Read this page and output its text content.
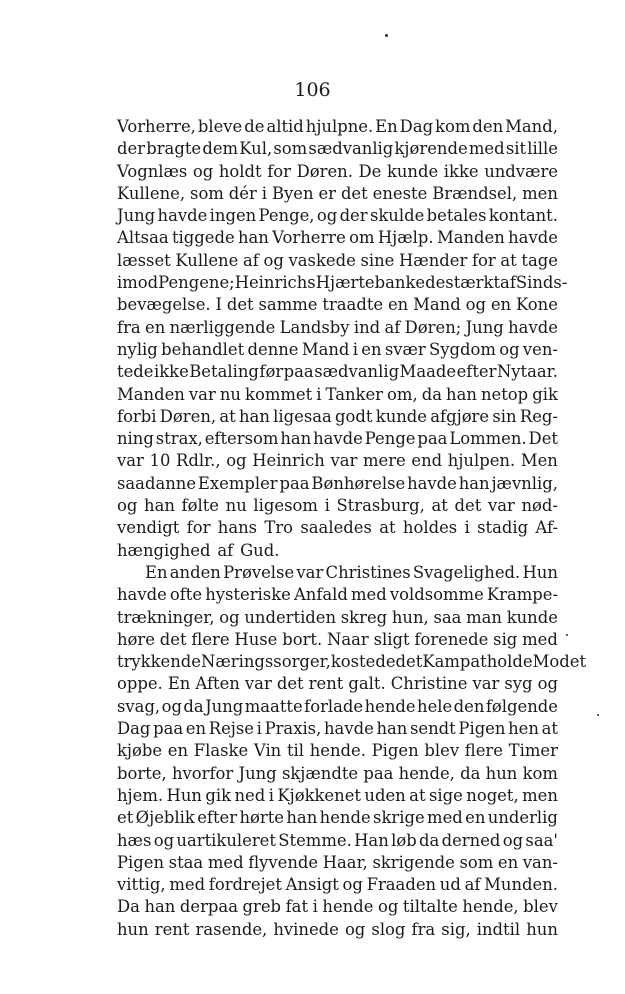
106
Vorherre, bleve de altid hjulpne. En Dag kom den Mand,
der bragte dem Kul, som sædvanlig kjørende med sit lille
Vognlæs og holdt for Døren. De kunde ikke undvære
Kullene, som dér i Byen er det eneste Brændsel, men
Jung havde ingen Penge, og der skulde betales kontant.
Altsaa tiggede han Vorherre om Hjælp. Manden havde
læsset Kullene af og vaskede sine Hænder for at tage
imod Pengene; Heinrichs Hjærte bankede stærkt af Sinds-
bevægelse. I det samme traadte en Mand og en Kone
fra en nærliggende Landsby ind af Døren; Jung havde
nylig behandlet denne Mand i en svær Sygdom og ven-
tede ikke Betaling før paa sædvanlig Maade efter Nytaar.
Manden var nu kommet i Tanker om, da han netop gik
forbi Døren, at han ligesaa godt kunde afgjøre sin Reg-
ning strax, eftersom han havde Penge paa Lommen. Det
var 10 Rdlr., og Heinrich var mere end hjulpen. Men
saadanne Exempler paa Bønhørelse havde han jævnlig,
og han følte nu ligesom i Strasburg, at det var nød-
vendigt for hans Tro saaledes at holdes i stadig Af-
hængighed af Gud.
En anden Prøvelse var Christines Svagelighed. Hun
havde ofte hysteriske Anfald med voldsomme Krampe-
trækninger, og undertiden skreg hun, saa man kunde
høre det flere Huse bort. Naar sligt forenede sig med
trykkende Næringssorger, kostede det Kamp at holde Modet
oppe. En Aften var det rent galt. Christine var syg og
svag, og da Jung maatte forlade hende hele den følgende
Dag paa en Rejse i Praxis, havde han sendt Pigen hen at
kjøbe en Flaske Vin til hende. Pigen blev flere Timer
borte, hvorfor Jung skjændte paa hende, da hun kom
hjem. Hun gik ned i Kjøkkenet uden at sige noget, men
et Øjeblik efter hørte han hende skrige med en underlig
hæs og uartikuleret Stemme. Han løb da derned og saa'
Pigen staa med flyvende Haar, skrigende som en van-
vittig, med fordrejet Ansigt og Fraaden ud af Munden.
Da han derpaa greb fat i hende og tiltalte hende, blev
hun rent rasende, hvinede og slog fra sig, indtil hun
